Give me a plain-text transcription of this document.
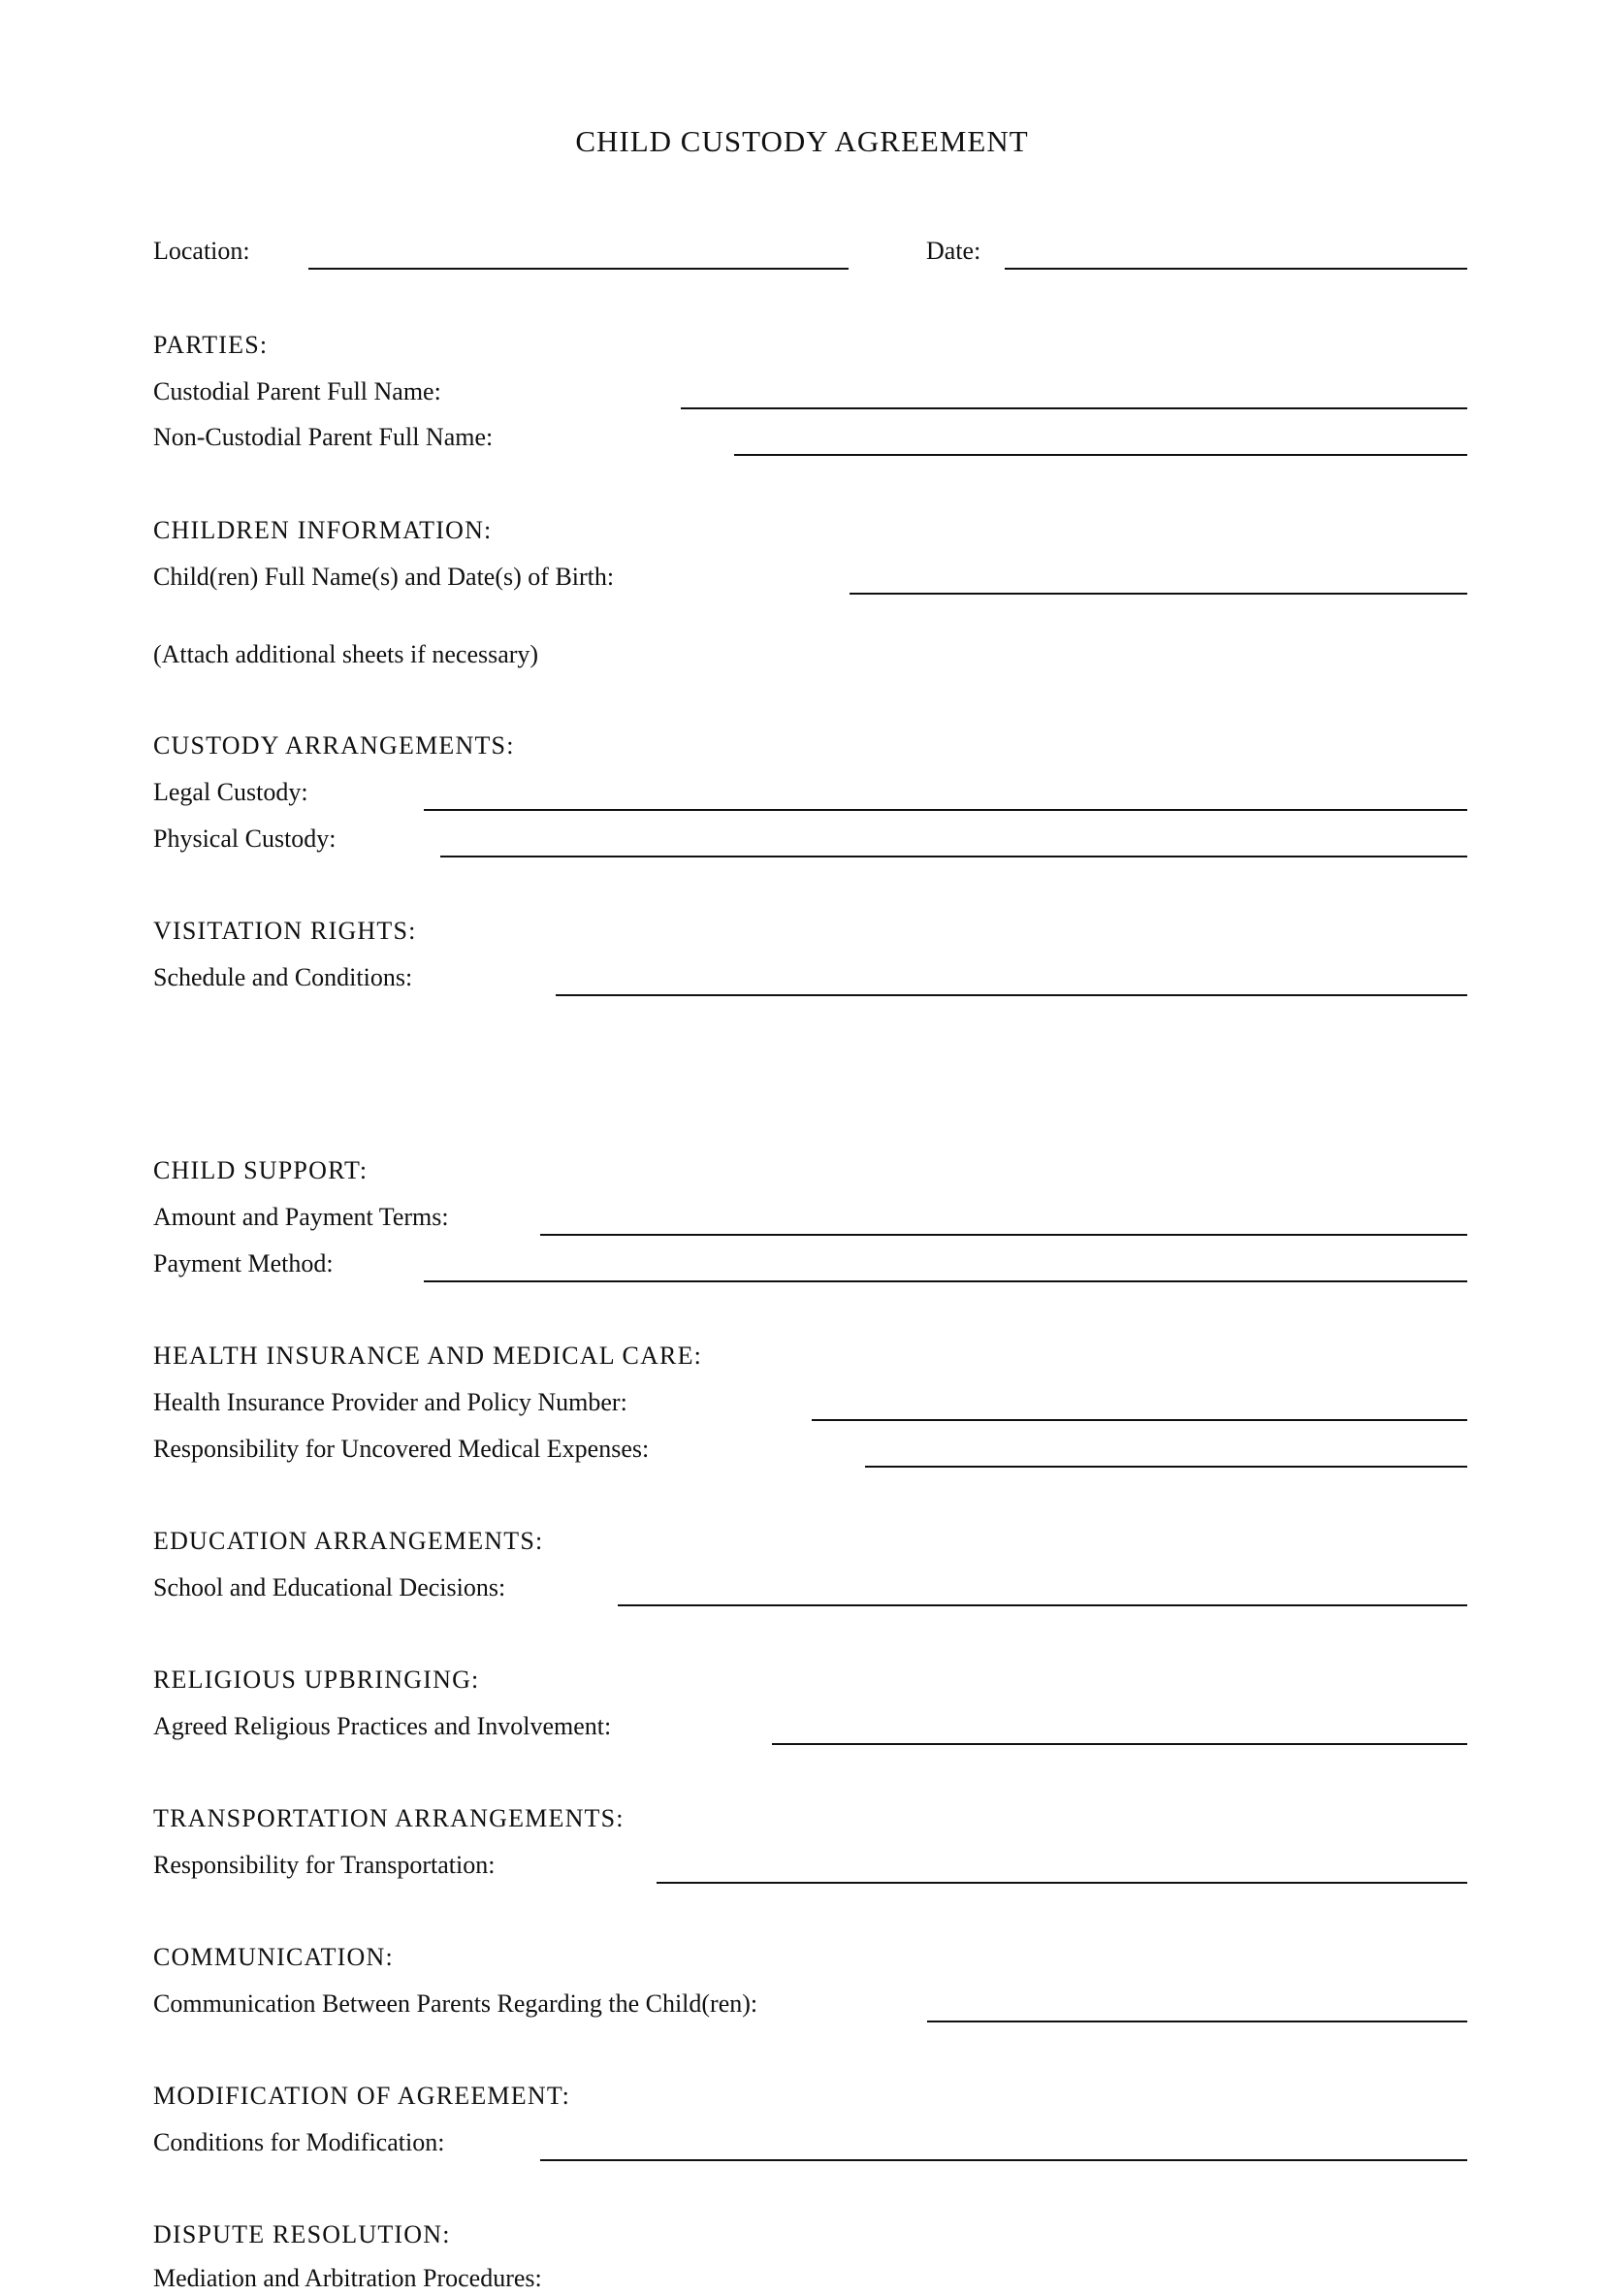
CHILD CUSTODY AGREEMENT
Location:	Date:
PARTIES:
Custodial Parent Full Name:
Non-Custodial Parent Full Name:
CHILDREN INFORMATION:
Child(ren) Full Name(s) and Date(s) of Birth:
(Attach additional sheets if necessary)
CUSTODY ARRANGEMENTS:
Legal Custody:
Physical Custody:
VISITATION RIGHTS:
Schedule and Conditions:
CHILD SUPPORT:
Amount and Payment Terms:
Payment Method:
HEALTH INSURANCE AND MEDICAL CARE:
Health Insurance Provider and Policy Number:
Responsibility for Uncovered Medical Expenses:
EDUCATION ARRANGEMENTS:
School and Educational Decisions:
RELIGIOUS UPBRINGING:
Agreed Religious Practices and Involvement:
TRANSPORTATION ARRANGEMENTS:
Responsibility for Transportation:
COMMUNICATION:
Communication Between Parents Regarding the Child(ren):
MODIFICATION OF AGREEMENT:
Conditions for Modification:
DISPUTE RESOLUTION:
Mediation and Arbitration Procedures:
